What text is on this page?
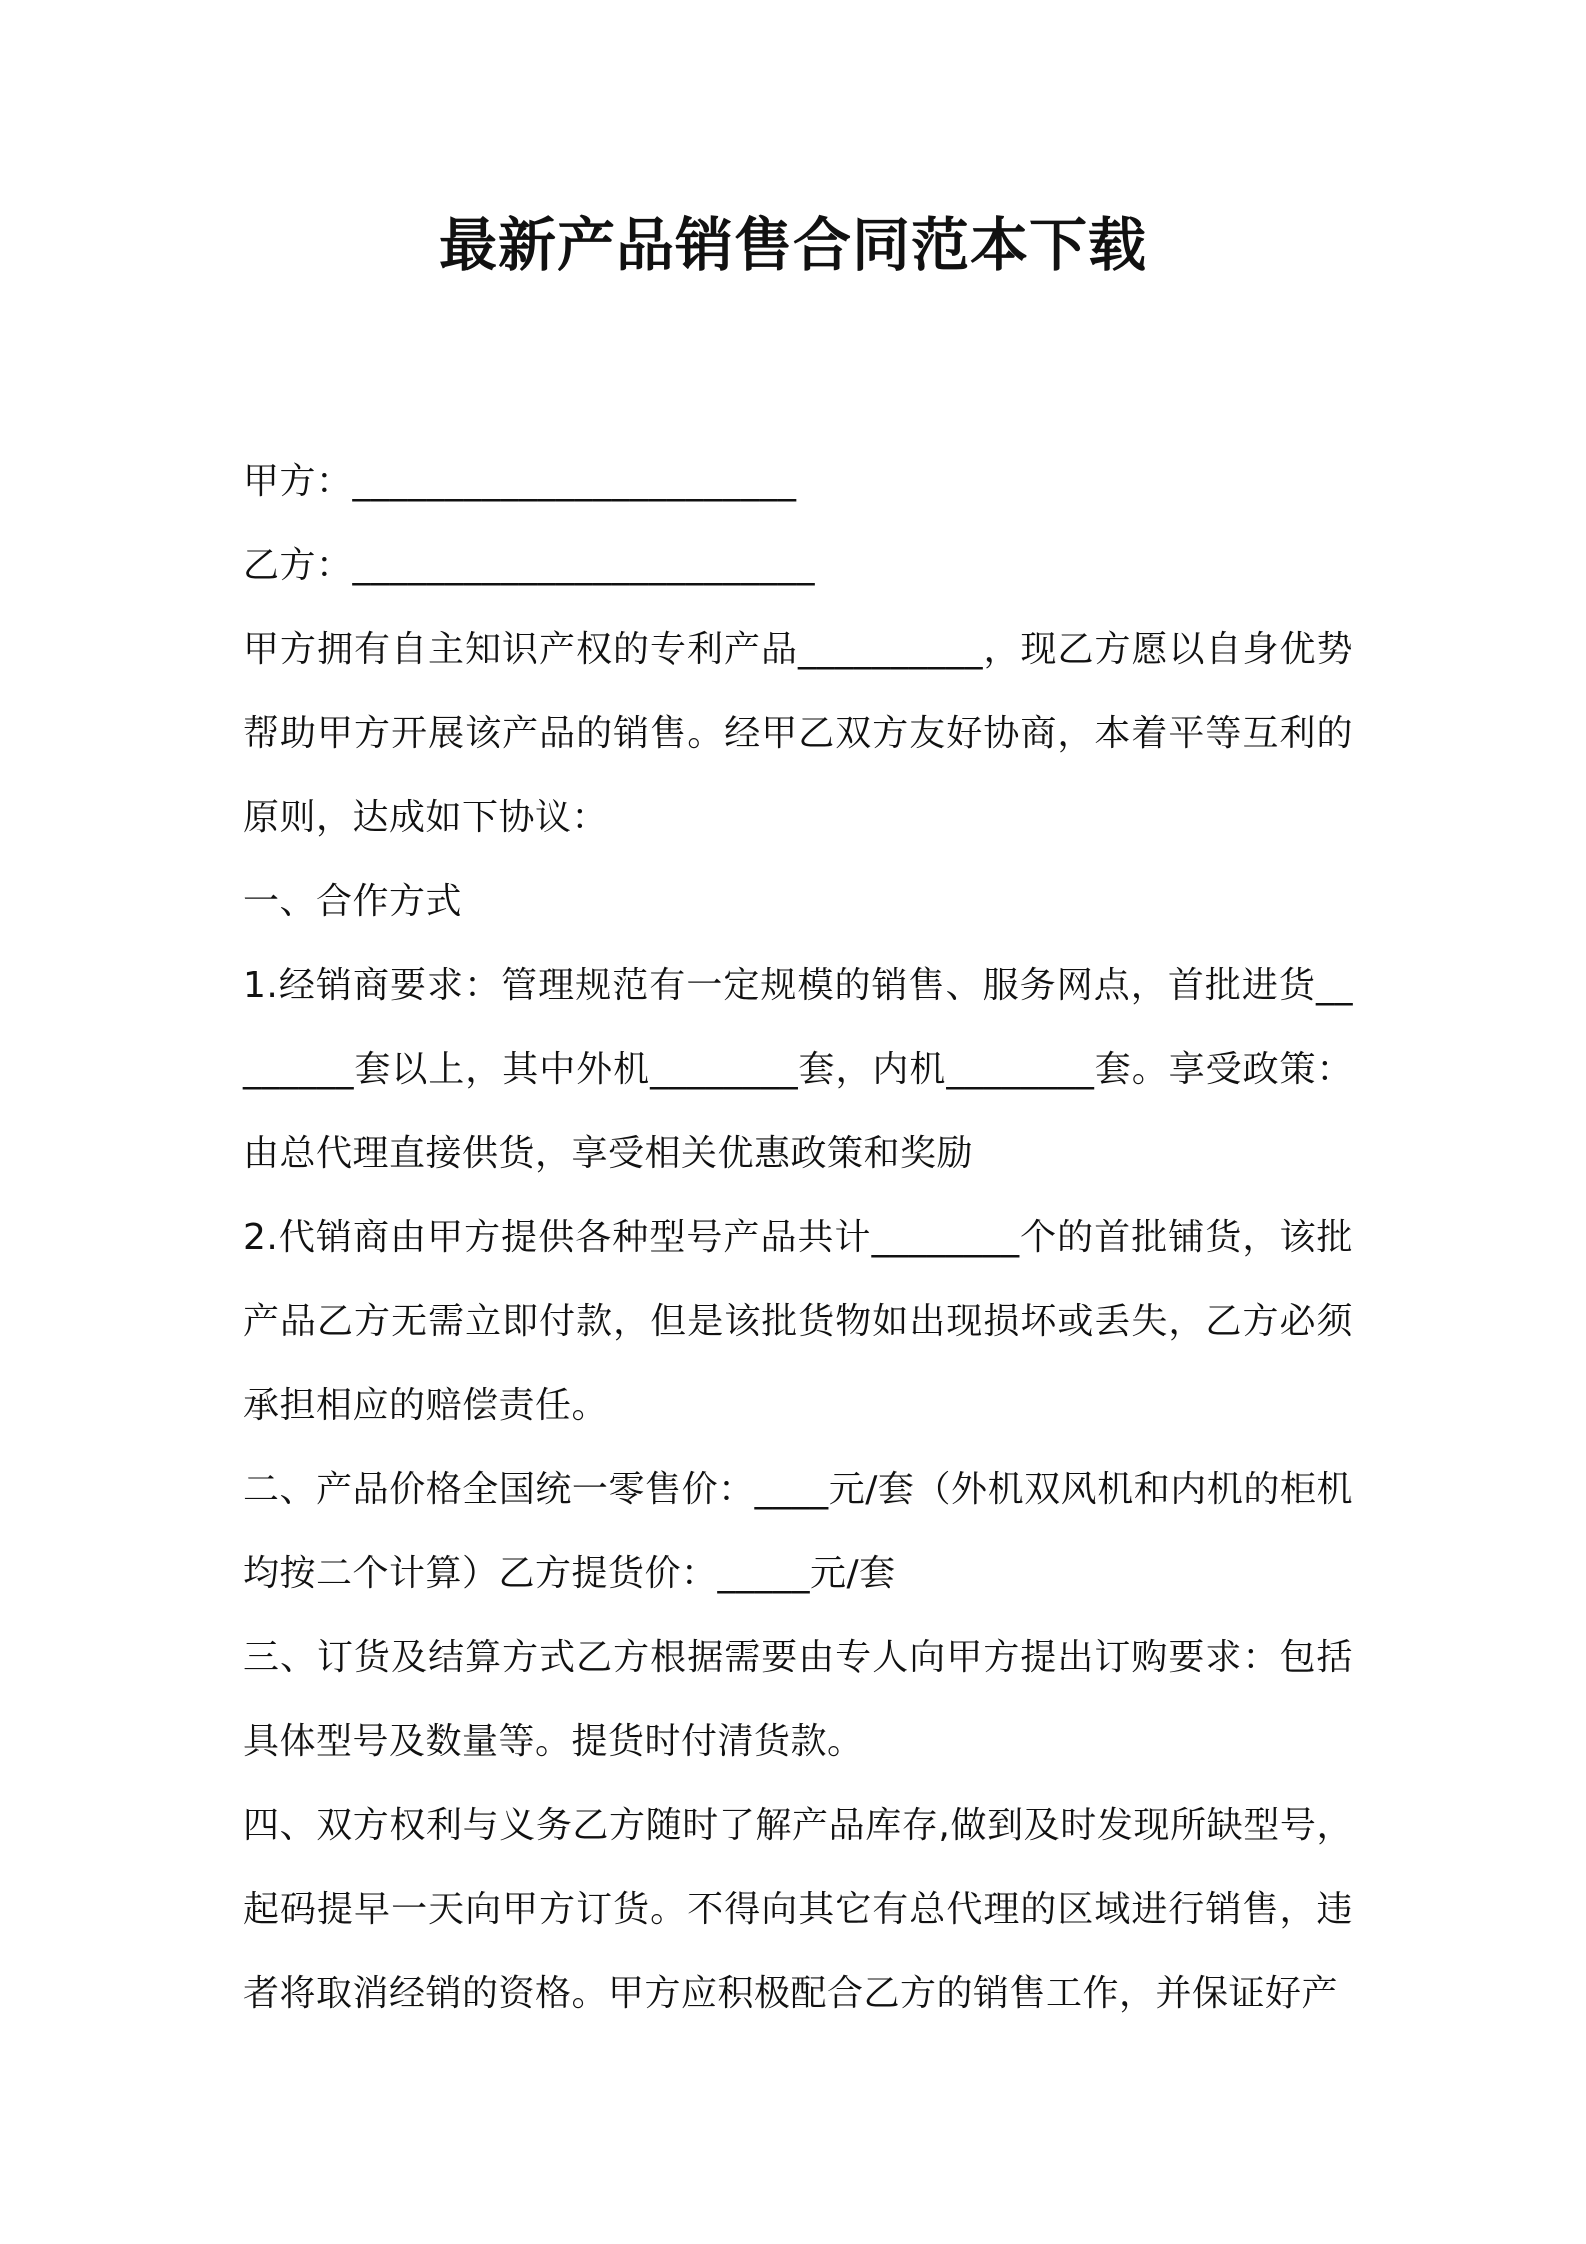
最新产品销售合同范本下载

甲方：________________________

乙方：_________________________

甲方拥有自主知识产权的专利产品__________，现乙方愿以自身优势帮助甲方开展该产品的销售。经甲乙双方友好协商，本着平等互利的原则，达成如下协议：

一、合作方式

1.经销商要求：管理规范有一定规模的销售、服务网点，首批进货________套以上，其中外机________套，内机________套。享受政策：由总代理直接供货，享受相关优惠政策和奖励

2.代销商由甲方提供各种型号产品共计________个的首批铺货，该批产品乙方无需立即付款，但是该批货物如出现损坏或丢失，乙方必须承担相应的赔偿责任。

二、产品价格全国统一零售价：____元/套（外机双风机和内机的柜机均按二个计算）乙方提货价：_____元/套

三、订货及结算方式乙方根据需要由专人向甲方提出订购要求：包括具体型号及数量等。提货时付清货款。

四、双方权利与义务乙方随时了解产品库存,做到及时发现所缺型号，起码提早一天向甲方订货。不得向其它有总代理的区域进行销售，违者将取消经销的资格。甲方应积极配合乙方的销售工作，并保证好产
